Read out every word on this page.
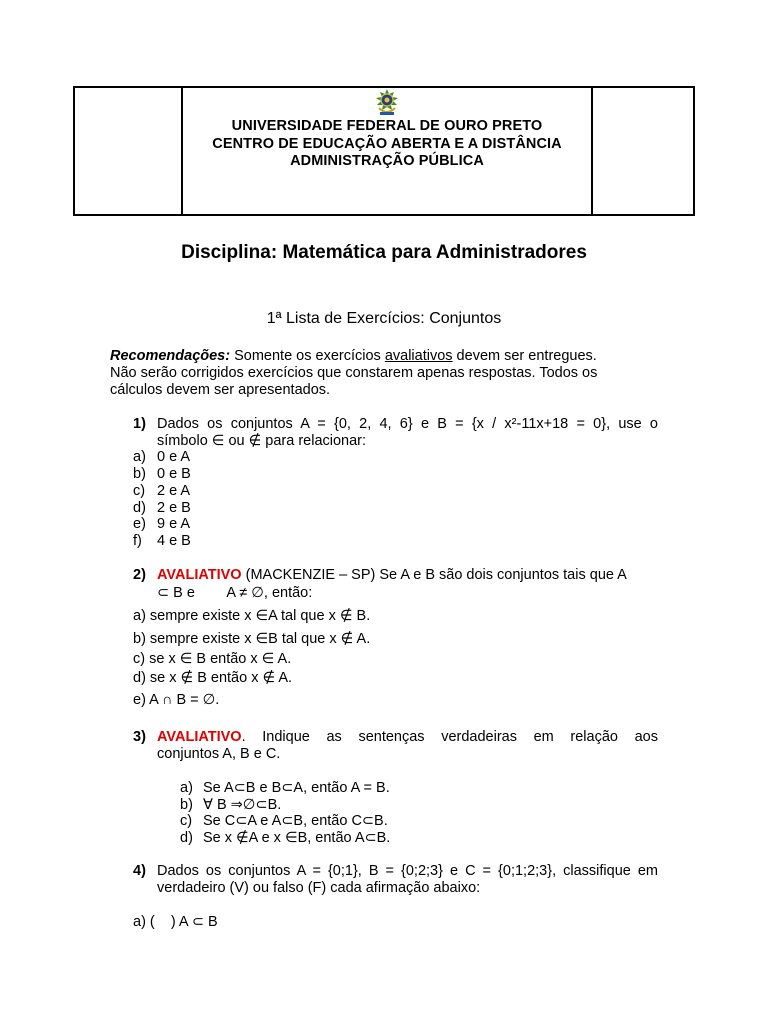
UNIVERSIDADE FEDERAL DE OURO PRETO
CENTRO DE EDUCAÇÃO ABERTA E A DISTÂNCIA
ADMINISTRAÇÃO PÚBLICA
Disciplina: Matemática para Administradores
1ª Lista de Exercícios: Conjuntos
Recomendações: Somente os exercícios avaliativos devem ser entregues.
Não serão corrigidos exercícios que constarem apenas respostas. Todos os
cálculos devem ser apresentados.
1) Dados os conjuntos A = {0, 2, 4, 6} e B = {x / x²-11x+18 = 0}, use o
símbolo ∈ ou ∉ para relacionar:
a) 0 e A
b) 0 e B
c) 2 e A
d) 2 e B
e) 9 e A
f) 4 e B
2) AVALIATIVO (MACKENZIE – SP) Se A e B são dois conjuntos tais que A
⊂ B e        A ≠ ∅, então:
a) sempre existe x ∈A tal que x ∉ B.
b) sempre existe x ∈B tal que x ∉ A.
c) se x ∈ B então x ∈ A.
d) se x ∉ B então x ∉ A.
e) A ∩ B = ∅.
3) AVALIATIVO. Indique as sentenças verdadeiras em relação aos
conjuntos A, B e C.
a) Se A⊂B e B⊂A, então A = B.
b) ∀ B ⇒∅⊂B.
c) Se C⊂A e A⊂B, então C⊂B.
d) Se x ∉A e x ∈B, então A⊂B.
4) Dados os conjuntos A = {0;1}, B = {0;2;3} e C = {0;1;2;3}, classifique em
verdadeiro (V) ou falso (F) cada afirmação abaixo:
a) (    ) A ⊂ B
